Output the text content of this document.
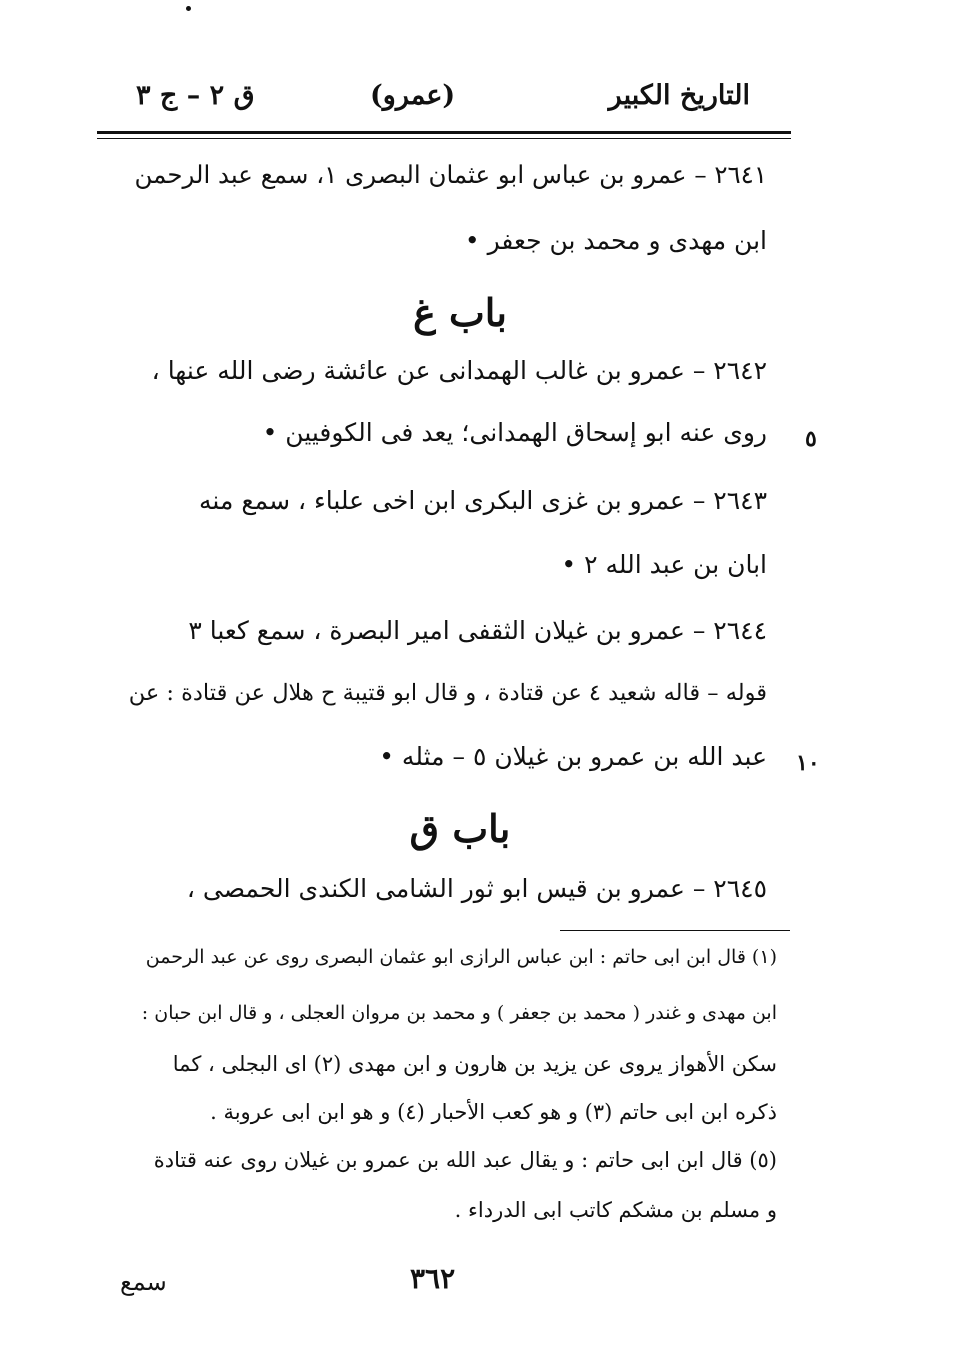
التاريخ الكبير
(عمرو)
ق ٢ – ج ٣
٢٦٤١ – عمرو بن عباس ابو عثمان البصرى ١، سمع عبد الرحمن
ابن مهدى و محمد بن جعفر •
باب غ
٢٦٤٢ – عمرو بن غالب الهمدانى عن عائشة رضى الله عنها ،
روى عنه ابو إسحاق الهمدانى؛ يعد فى الكوفيين • ٥
٢٦٤٣ – عمرو بن غزى البكرى ابن اخى علباء ، سمع منه
ابان بن عبد الله ٢ •
٢٦٤٤ – عمرو بن غيلان الثقفى امير البصرة ، سمع كعبا ٣
قوله – قاله شعيد ٤ عن قتادة ، و قال ابو قتيبة ح هلال عن قتادة : عن
عبد الله بن عمرو بن غيلان ٥ – مثله • ١٠
باب ق
٢٦٤٥ – عمرو بن قيس ابو ثور الشامى الكندى الحمصى ،
(١) قال ابن ابى حاتم : ابن عباس الرازى ابو عثمان البصرى روى عن عبد الرحمن
ابن مهدى و غندر ( محمد بن جعفر ) و محمد بن مروان العجلى ، و قال ابن حبان :
سكن الأهواز يروى عن يزيد بن هارون و ابن مهدى (٢) اى البجلى ، كما
ذكره ابن ابى حاتم (٣) و هو كعب الأحبار (٤) و هو ابن ابى عروبة .
(٥) قال ابن ابى حاتم : و يقال عبد الله بن عمرو بن غيلان روى عنه قتادة
و مسلم بن مشكم كاتب ابى الدرداء .
٣٦٢
سمع
